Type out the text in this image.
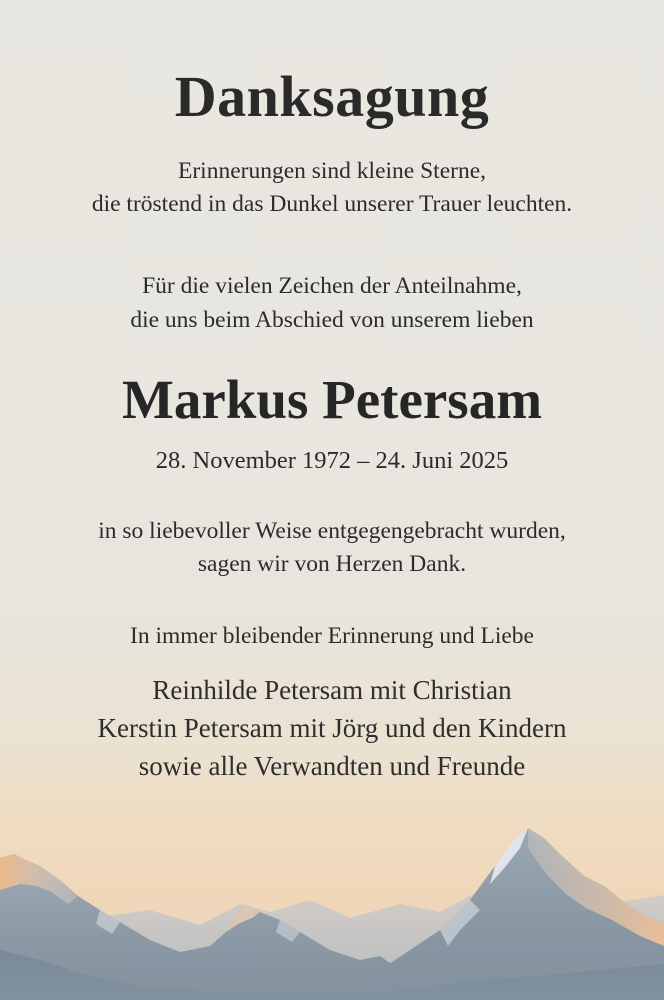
Danksagung
Erinnerungen sind kleine Sterne,
die tröstend in das Dunkel unserer Trauer leuchten.
Für die vielen Zeichen der Anteilnahme,
die uns beim Abschied von unserem lieben
Markus Petersam
28. November 1972 – 24. Juni 2025
in so liebevoller Weise entgegengebracht wurden,
sagen wir von Herzen Dank.
In immer bleibender Erinnerung und Liebe
Reinhilde Petersam mit Christian
Kerstin Petersam mit Jörg und den Kindern
sowie alle Verwandten und Freunde
